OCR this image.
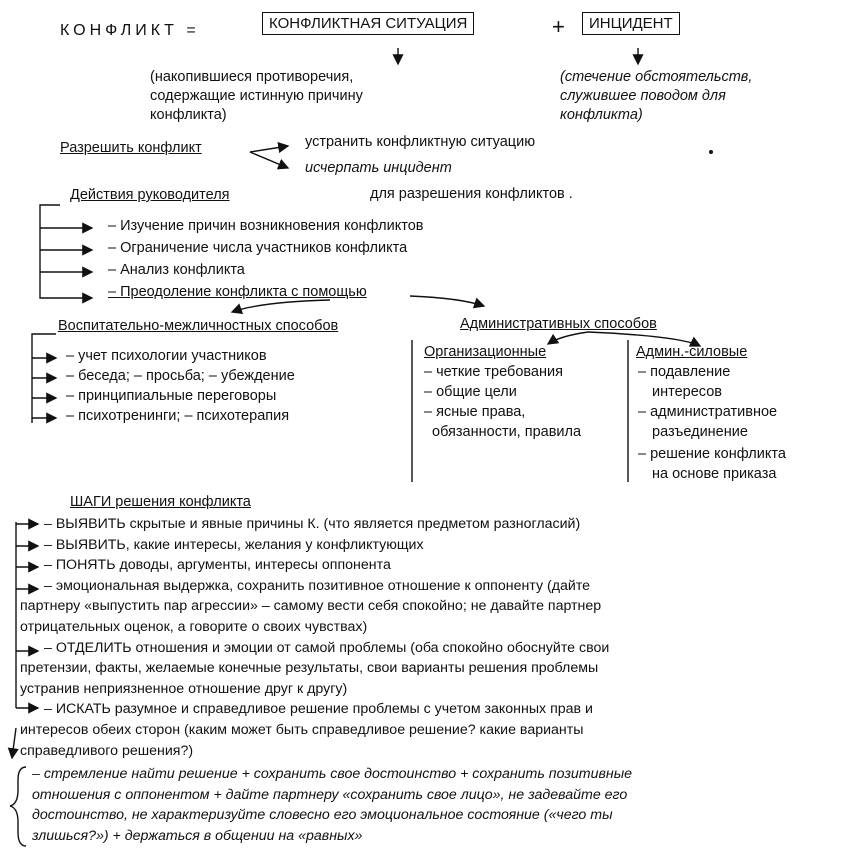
КОНФЛИКТ =	КОНФЛИКТНАЯ СИТУАЦИЯ	+	ИНЦИДЕНТ
(накопившиеся противоречия,
содержащие истинную причину
конфликта)
(стечение обстоятельств,
служившее поводом для
конфликта)
Разрешить конфликт	устранить конфликтную ситуацию
исчерпать инцидент
Действия руководителя	для разрешения конфликтов .
– Изучение причин возникновения конфликтов
– Ограничение числа участников конфликта
– Анализ конфликта
– Преодоление конфликта с помощью
Воспитательно-межличностных способов
– учет психологии участников
– беседа; – просьба; – убеждение
– принципиальные переговоры
– психотренинги; – психотерапия
Административных способов
Организационные
– четкие требования
– общие цели
– ясные права,
обязанности, правила
Админ.-силовые
– подавление
интересов
– административное
разъединение
– решение конфликта
на основе приказа
ШАГИ решения конфликта
– ВЫЯВИТЬ скрытые и явные причины К. (что является предметом разногласий)
– ВЫЯВИТЬ, какие интересы, желания у конфликтующих
– ПОНЯТЬ доводы, аргументы, интересы оппонента
– эмоциональная выдержка, сохранить позитивное отношение к оппоненту (дайте
партнеру «выпустить пар агрессии» – самому вести себя спокойно; не давайте партнер
отрицательных оценок, а говорите о своих чувствах)
– ОТДЕЛИТЬ отношения и эмоции от самой проблемы (оба спокойно обоснуйте свои
претензии, факты, желаемые конечные результаты, свои варианты решения проблемы
устранив неприязненное отношение друг к другу)
– ИСКАТЬ разумное и справедливое решение проблемы с учетом законных прав и
интересов обеих сторон (каким может быть справедливое решение? какие варианты
справедливого решения?)
– стремление найти решение + сохранить свое достоинство + сохранить позитивные
отношения с оппонентом + дайте партнеру «сохранить свое лицо», не задевайте его
достоинство, не характеризуйте словесно его эмоциональное состояние («чего ты
злишься?») + держаться в общении на «равных»
